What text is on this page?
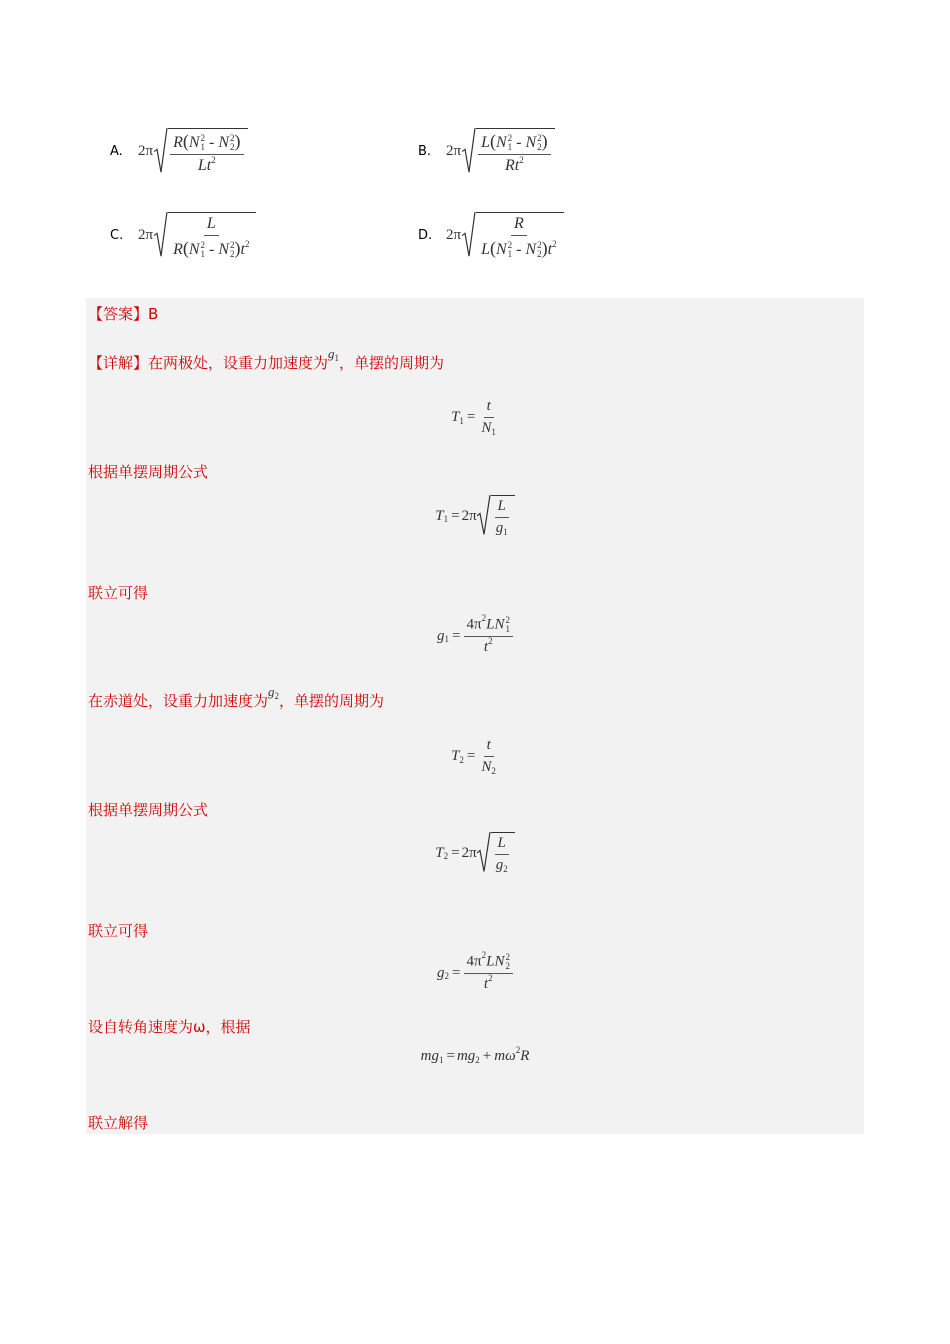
A.	2π R(N 2
1 - N 2
2 )
Lt$^2$	B. 2π L(N 2
1 - N 2
2 )
Rt$^2$
C. 2π L
R(N 2
1 - N 2
2 )$t^2$	D. 2π R
L(N 2
1 - N 2
2 )$t^2$
【答案】B
【详解】在两极处，设重力加速度为$g_1$，单摆的周期为
T $1 = \frac{t}{N_1}$
根据单摆周期公式
T $1 = 2\pi \frac{L}{g_1}$
联立可得
g $1 = 4\pi^2LN$ 2
1
$t^2$
在赤道处，设重力加速度为$g_2$，单摆的周期为
T $2 = \frac{t}{N_2}$
根据单摆周期公式
T $2 = 2\pi \frac{L}{g_2}$
联立可得
g $2 = 4\pi^2LN$ 2
2
$t^2$
设自转角速度为ω，根据
m g 1 = m g 2 + m ω 2 R
联立解得
